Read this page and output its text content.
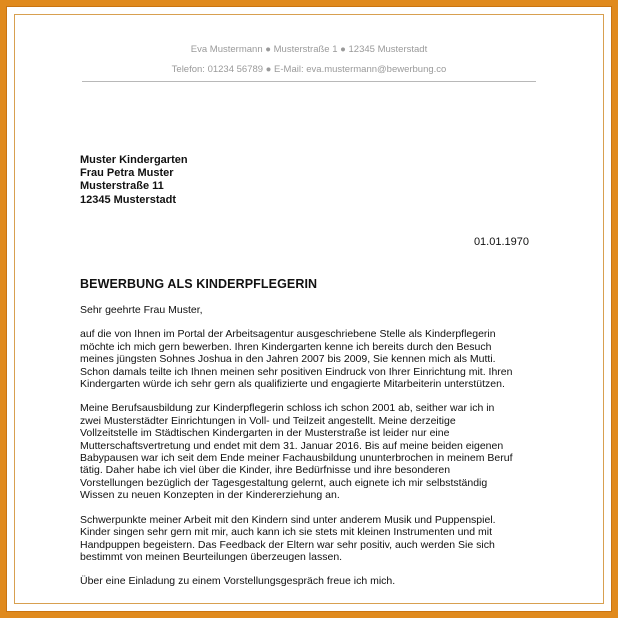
Eva Mustermann ● Musterstraße 1 ● 12345 Musterstadt
Telefon: 01234 56789 ● E-Mail: eva.mustermann@bewerbung.co
Muster Kindergarten
Frau Petra Muster
Musterstraße 11
12345 Musterstadt
01.01.1970
BEWERBUNG ALS KINDERPFLEGERIN

Sehr geehrte Frau Muster,

auf die von Ihnen im Portal der Arbeitsagentur ausgeschriebene Stelle als Kinderpflegerin
möchte ich mich gern bewerben. Ihren Kindergarten kenne ich bereits durch den Besuch
meines jüngsten Sohnes Joshua in den Jahren 2007 bis 2009, Sie kennen mich als Mutti.
Schon damals teilte ich Ihnen meinen sehr positiven Eindruck von Ihrer Einrichtung mit. Ihren
Kindergarten würde ich sehr gern als qualifizierte und engagierte Mitarbeiterin unterstützen.

Meine Berufsausbildung zur Kinderpflegerin schloss ich schon 2001 ab, seither war ich in
zwei Musterstädter Einrichtungen in Voll- und Teilzeit angestellt. Meine derzeitige
Vollzeitstelle im Städtischen Kindergarten in der Musterstraße ist leider nur eine
Mutterschaftsvertretung und endet mit dem 31. Januar 2016. Bis auf meine beiden eigenen
Babypausen war ich seit dem Ende meiner Fachausbildung ununterbrochen in meinem Beruf
tätig. Daher habe ich viel über die Kinder, ihre Bedürfnisse und ihre besonderen
Vorstellungen bezüglich der Tagesgestaltung gelernt, auch eignete ich mir selbstständig
Wissen zu neuen Konzepten in der Kindererziehung an.

Schwerpunkte meiner Arbeit mit den Kindern sind unter anderem Musik und Puppenspiel.
Kinder singen sehr gern mit mir, auch kann ich sie stets mit kleinen Instrumenten und mit
Handpuppen begeistern. Das Feedback der Eltern war sehr positiv, auch werden Sie sich
bestimmt von meinen Beurteilungen überzeugen lassen.

Über eine Einladung zu einem Vorstellungsgespräch freue ich mich.
